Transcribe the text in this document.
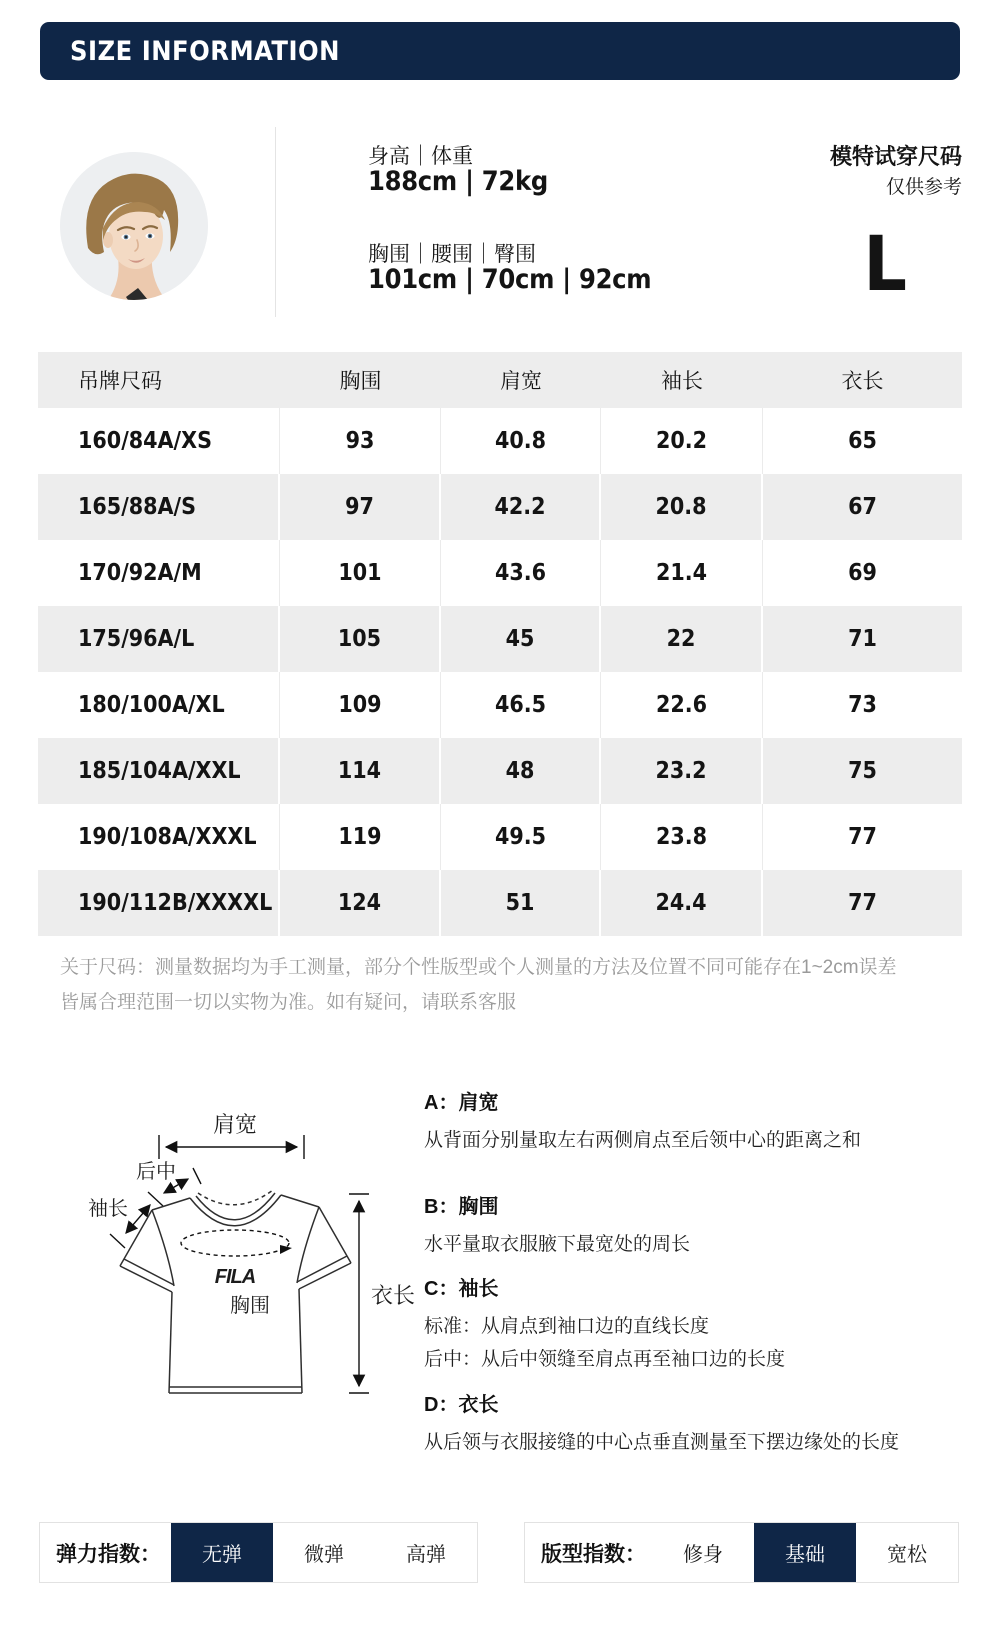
SIZE INFORMATION
身高｜体重
188cm | 72kg
胸围｜腰围｜臀围
101cm | 70cm | 92cm
模特试穿尺码
仅供参考
L
吊牌尺码	胸围	肩宽	袖长	衣长
160/84A/XS	93	40.8	20.2	65
165/88A/S	97	42.2	20.8	67
170/92A/M	101	43.6	21.4	69
175/96A/L	105	45	22	71
180/100A/XL	109	46.5	22.6	73
185/104A/XXL	114	48	23.2	75
190/108A/XXXL	119	49.5	23.8	77
190/112B/XXXXL	124	51	24.4	77
关于尺码：测量数据均为手工测量，部分个性版型或个人测量的方法及位置不同可能存在1~2cm误差
皆属合理范围一切以实物为准。如有疑问，请联系客服
肩宽
后中
袖长
FILA
胸围	衣长
A：肩宽

从背面分别量取左右两侧肩点至后领中心的距离之和

B：胸围

水平量取衣服腋下最宽处的周长

C：袖长

标准：从肩点到袖口边的直线长度

后中：从后中领缝至肩点再至袖口边的长度

D：衣长

从后领与衣服接缝的中心点垂直测量至下摆边缘处的长度

弹力指数：	无弹	微弹	高弹	版型指数：	修身	基础	宽松
